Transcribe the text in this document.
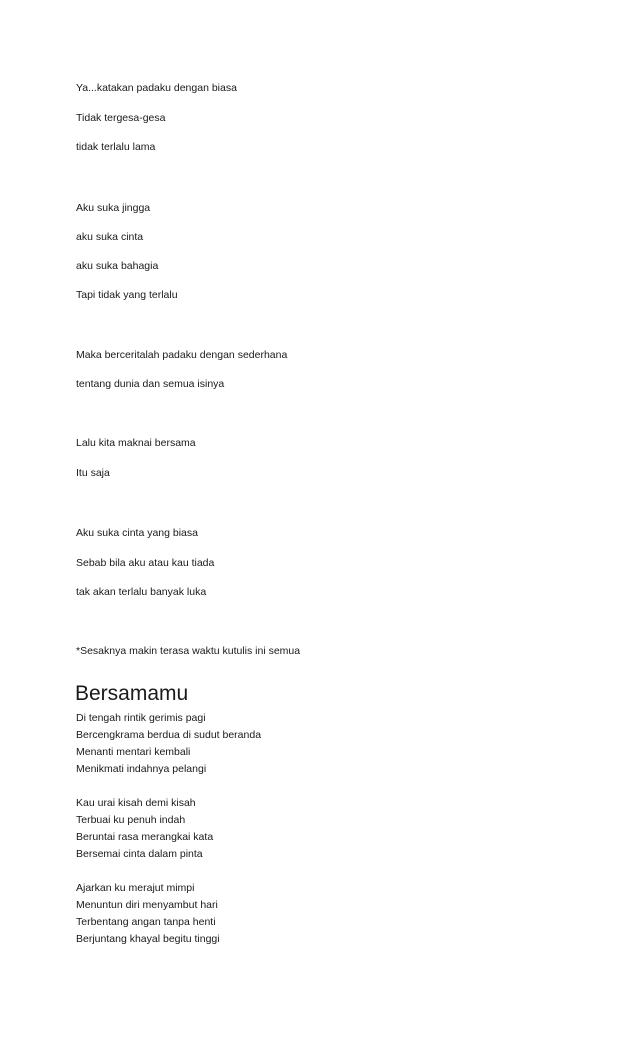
Ya...katakan padaku dengan biasa
Tidak tergesa-gesa
tidak terlalu lama
Aku suka jingga
aku suka cinta
aku suka bahagia
Tapi tidak yang terlalu
Maka berceritalah padaku dengan sederhana
tentang dunia dan semua isinya
Lalu kita maknai bersama
Itu saja
Aku suka cinta yang biasa
Sebab bila aku atau kau tiada
tak akan terlalu banyak luka
*Sesaknya makin terasa waktu kutulis ini semua
Bersamamu
Di tengah rintik gerimis pagi
Bercengkrama berdua di sudut beranda
Menanti mentari kembali
Menikmati indahnya pelangi
Kau urai kisah demi kisah
Terbuai ku penuh indah
Beruntai rasa merangkai kata
Bersemai cinta dalam pinta
Ajarkan ku merajut mimpi
Menuntun diri menyambut hari
Terbentang angan tanpa henti
Berjuntang khayal begitu tinggi
